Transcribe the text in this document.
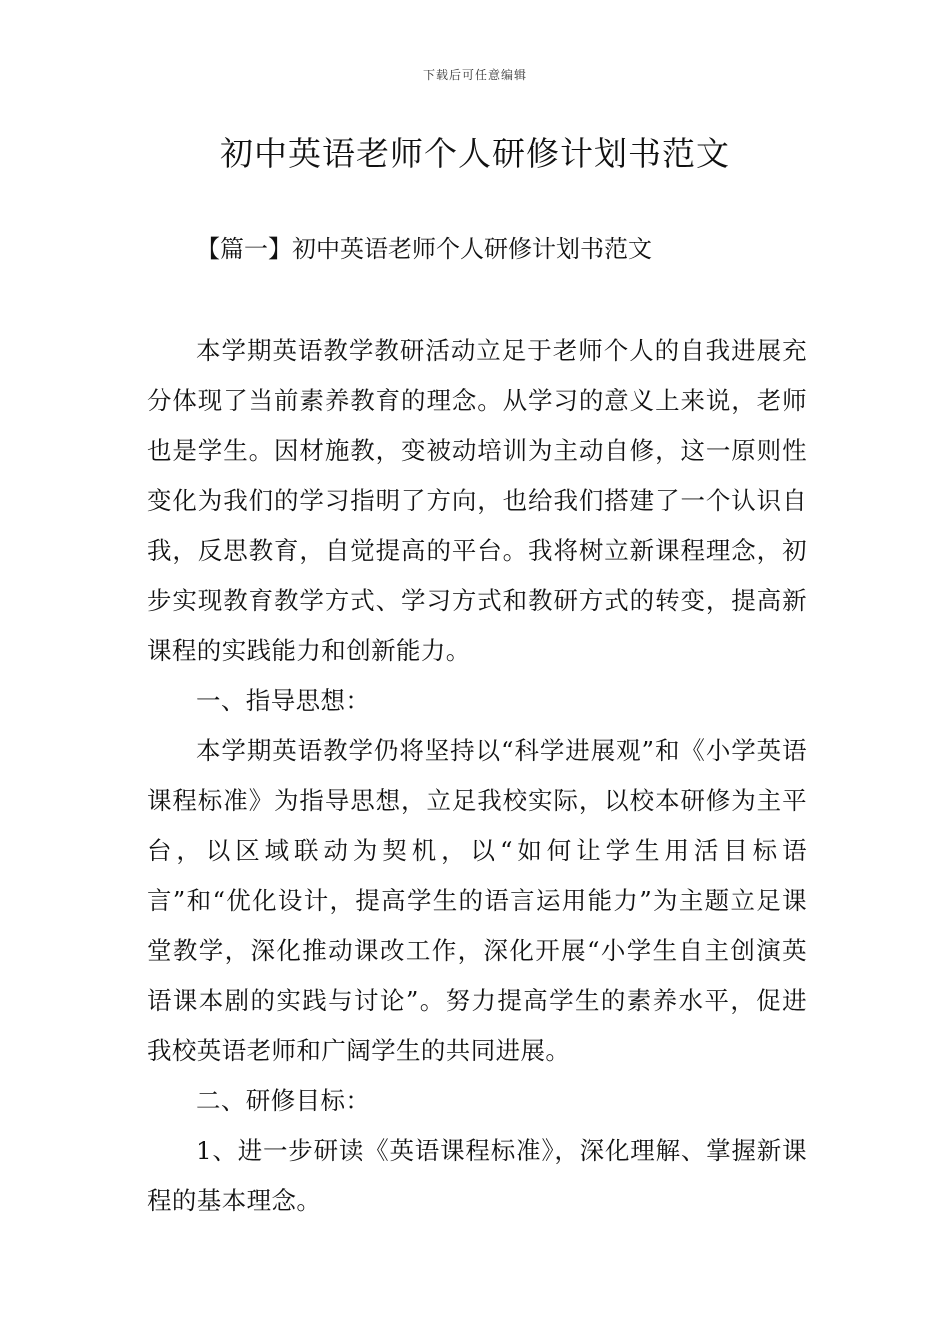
下载后可任意编辑
初中英语老师个人研修计划书范文
【篇一】初中英语老师个人研修计划书范文

本学期英语教学教研活动立足于老师个人的自我进展充分体现了当前素养教育的理念。从学习的意义上来说，老师也是学生。因材施教，变被动培训为主动自修，这一原则性变化为我们的学习指明了方向，也给我们搭建了一个认识自我，反思教育，自觉提高的平台。我将树立新课程理念，初步实现教育教学方式、学习方式和教研方式的转变，提高新课程的实践能力和创新能力。

一、指导思想：

本学期英语教学仍将坚持以“科学进展观”和《小学英语课程标准》为指导思想，立足我校实际，以校本研修为主平台，以区域联动为契机，以“如何让学生用活目标语言”和“优化设计，提高学生的语言运用能力”为主题立足课堂教学，深化推动课改工作，深化开展“小学生自主创演英语课本剧的实践与讨论”。努力提高学生的素养水平，促进我校英语老师和广阔学生的共同进展。

二、研修目标：

1、进一步研读《英语课程标准》，深化理解、掌握新课程的基本理念。
